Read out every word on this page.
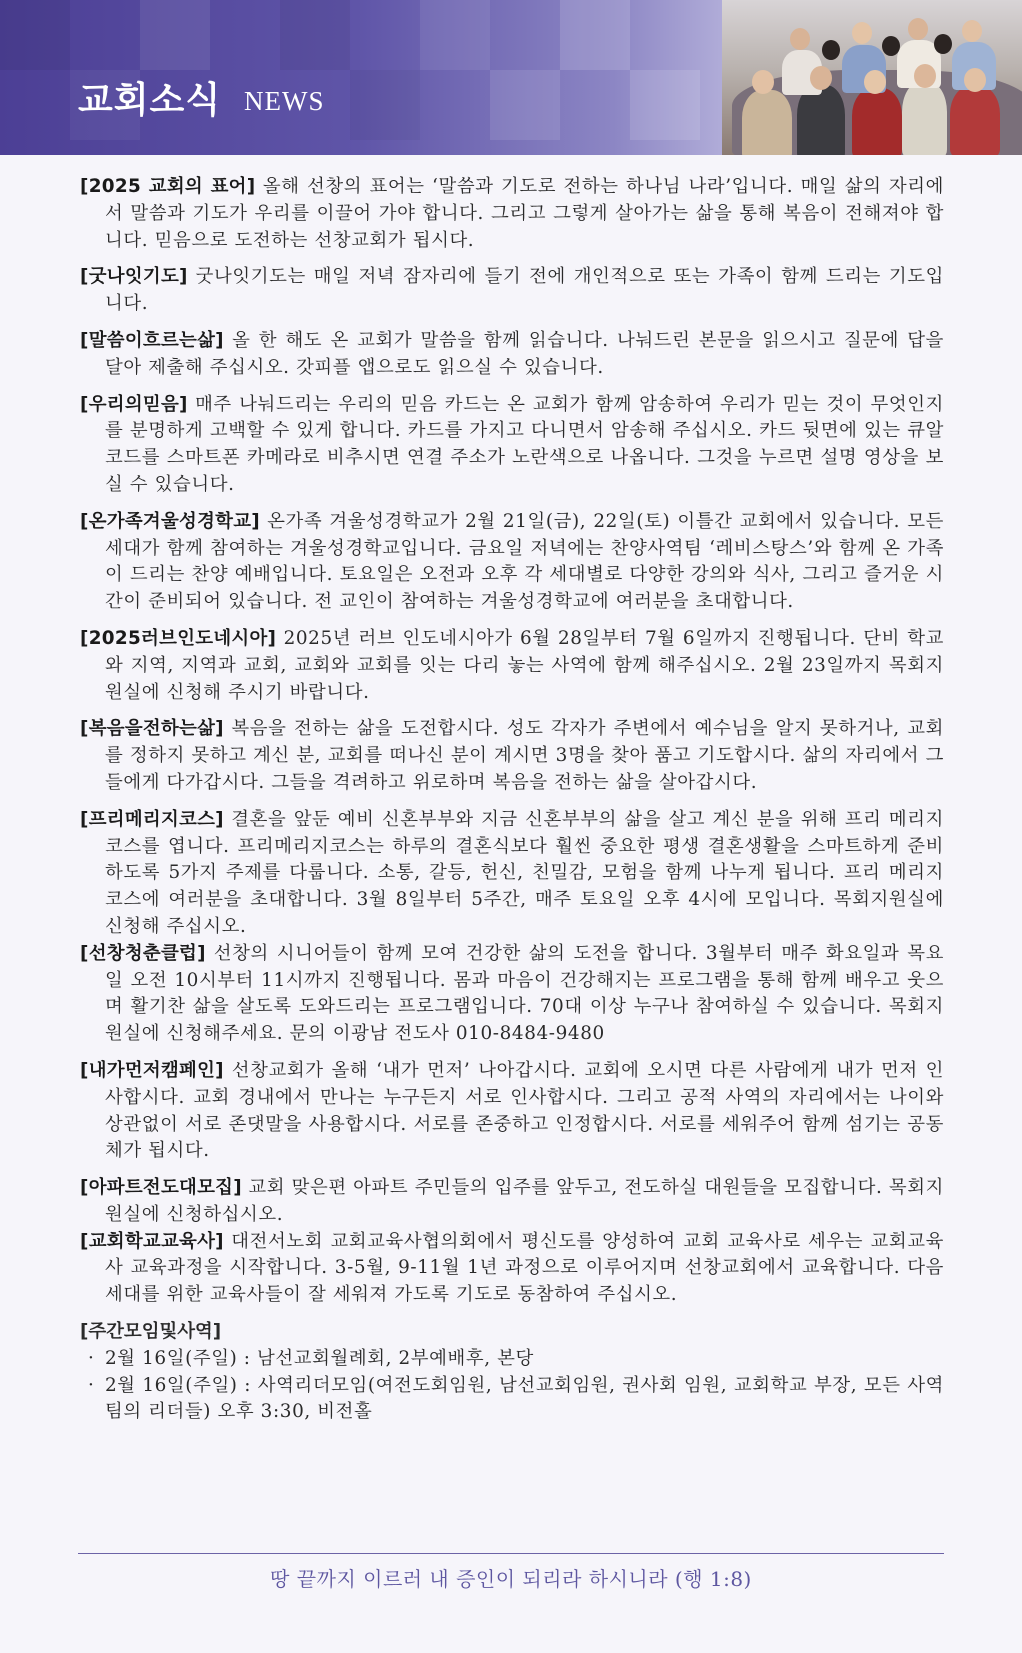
교회소식 NEWS

[2025 교회의 표어] 올해 선창의 표어는 ‘말씀과 기도로 전하는 하나님 나라’입니다. 매일 삶의 자리에서 말씀과 기도가 우리를 이끌어 가야 합니다. 그리고 그렇게 살아가는 삶을 통해 복음이 전해져야 합니다. 믿음으로 도전하는 선창교회가 됩시다.

[굿나잇기도] 굿나잇기도는 매일 저녁 잠자리에 들기 전에 개인적으로 또는 가족이 함께 드리는 기도입니다.

[말씀이흐르는삶] 올 한 해도 온 교회가 말씀을 함께 읽습니다. 나눠드린 본문을 읽으시고 질문에 답을 달아 제출해 주십시오. 갓피플 앱으로도 읽으실 수 있습니다.

[우리의믿음] 매주 나눠드리는 우리의 믿음 카드는 온 교회가 함께 암송하여 우리가 믿는 것이 무엇인지를 분명하게 고백할 수 있게 합니다. 카드를 가지고 다니면서 암송해 주십시오. 카드 뒷면에 있는 큐알코드를 스마트폰 카메라로 비추시면 연결 주소가 노란색으로 나옵니다. 그것을 누르면 설명 영상을 보실 수 있습니다.

[온가족겨울성경학교] 온가족 겨울성경학교가 2월 21일(금), 22일(토) 이틀간 교회에서 있습니다. 모든 세대가 함께 참여하는 겨울성경학교입니다. 금요일 저녁에는 찬양사역팀 ‘레비스탕스’와 함께 온 가족이 드리는 찬양 예배입니다. 토요일은 오전과 오후 각 세대별로 다양한 강의와 식사, 그리고 즐거운 시간이 준비되어 있습니다. 전 교인이 참여하는 겨울성경학교에 여러분을 초대합니다.

[2025러브인도네시아] 2025년 러브 인도네시아가 6월 28일부터 7월 6일까지 진행됩니다. 단비 학교와 지역, 지역과 교회, 교회와 교회를 잇는 다리 놓는 사역에 함께 해주십시오. 2월 23일까지 목회지원실에 신청해 주시기 바랍니다.

[복음을전하는삶] 복음을 전하는 삶을 도전합시다. 성도 각자가 주변에서 예수님을 알지 못하거나, 교회를 정하지 못하고 계신 분, 교회를 떠나신 분이 계시면 3명을 찾아 품고 기도합시다. 삶의 자리에서 그들에게 다가갑시다. 그들을 격려하고 위로하며 복음을 전하는 삶을 살아갑시다.

[프리메리지코스] 결혼을 앞둔 예비 신혼부부와 지금 신혼부부의 삶을 살고 계신 분을 위해 프리 메리지 코스를 엽니다. 프리메리지코스는 하루의 결혼식보다 훨씬 중요한 평생 결혼생활을 스마트하게 준비하도록 5가지 주제를 다룹니다. 소통, 갈등, 헌신, 친밀감, 모험을 함께 나누게 됩니다. 프리 메리지 코스에 여러분을 초대합니다. 3월 8일부터 5주간, 매주 토요일 오후 4시에 모입니다. 목회지원실에 신청해 주십시오.

[선창청춘클럽] 선창의 시니어들이 함께 모여 건강한 삶의 도전을 합니다. 3월부터 매주 화요일과 목요일 오전 10시부터 11시까지 진행됩니다. 몸과 마음이 건강해지는 프로그램을 통해 함께 배우고 웃으며 활기찬 삶을 살도록 도와드리는 프로그램입니다. 70대 이상 누구나 참여하실 수 있습니다. 목회지원실에 신청해주세요. 문의 이광남 전도사 010-8484-9480

[내가먼저캠페인] 선창교회가 올해 ‘내가 먼저’ 나아갑시다. 교회에 오시면 다른 사람에게 내가 먼저 인사합시다. 교회 경내에서 만나는 누구든지 서로 인사합시다. 그리고 공적 사역의 자리에서는 나이와 상관없이 서로 존댓말을 사용합시다. 서로를 존중하고 인정합시다. 서로를 세워주어 함께 섬기는 공동체가 됩시다.

[아파트전도대모집] 교회 맞은편 아파트 주민들의 입주를 앞두고, 전도하실 대원들을 모집합니다. 목회지원실에 신청하십시오.

[교회학교교육사] 대전서노회 교회교육사협의회에서 평신도를 양성하여 교회 교육사로 세우는 교회교육사 교육과정을 시작합니다. 3-5월, 9-11월 1년 과정으로 이루어지며 선창교회에서 교육합니다. 다음세대를 위한 교육사들이 잘 세워져 가도록 기도로 동참하여 주십시오.

[주간모임및사역]
· 2월 16일(주일) : 남선교회월례회, 2부예배후, 본당
· 2월 16일(주일) : 사역리더모임(여전도회임원, 남선교회임원, 권사회 임원, 교회학교 부장, 모든 사역팀의 리더들) 오후 3:30, 비전홀
땅 끝까지 이르러 내 증인이 되리라 하시니라 (행 1:8)
